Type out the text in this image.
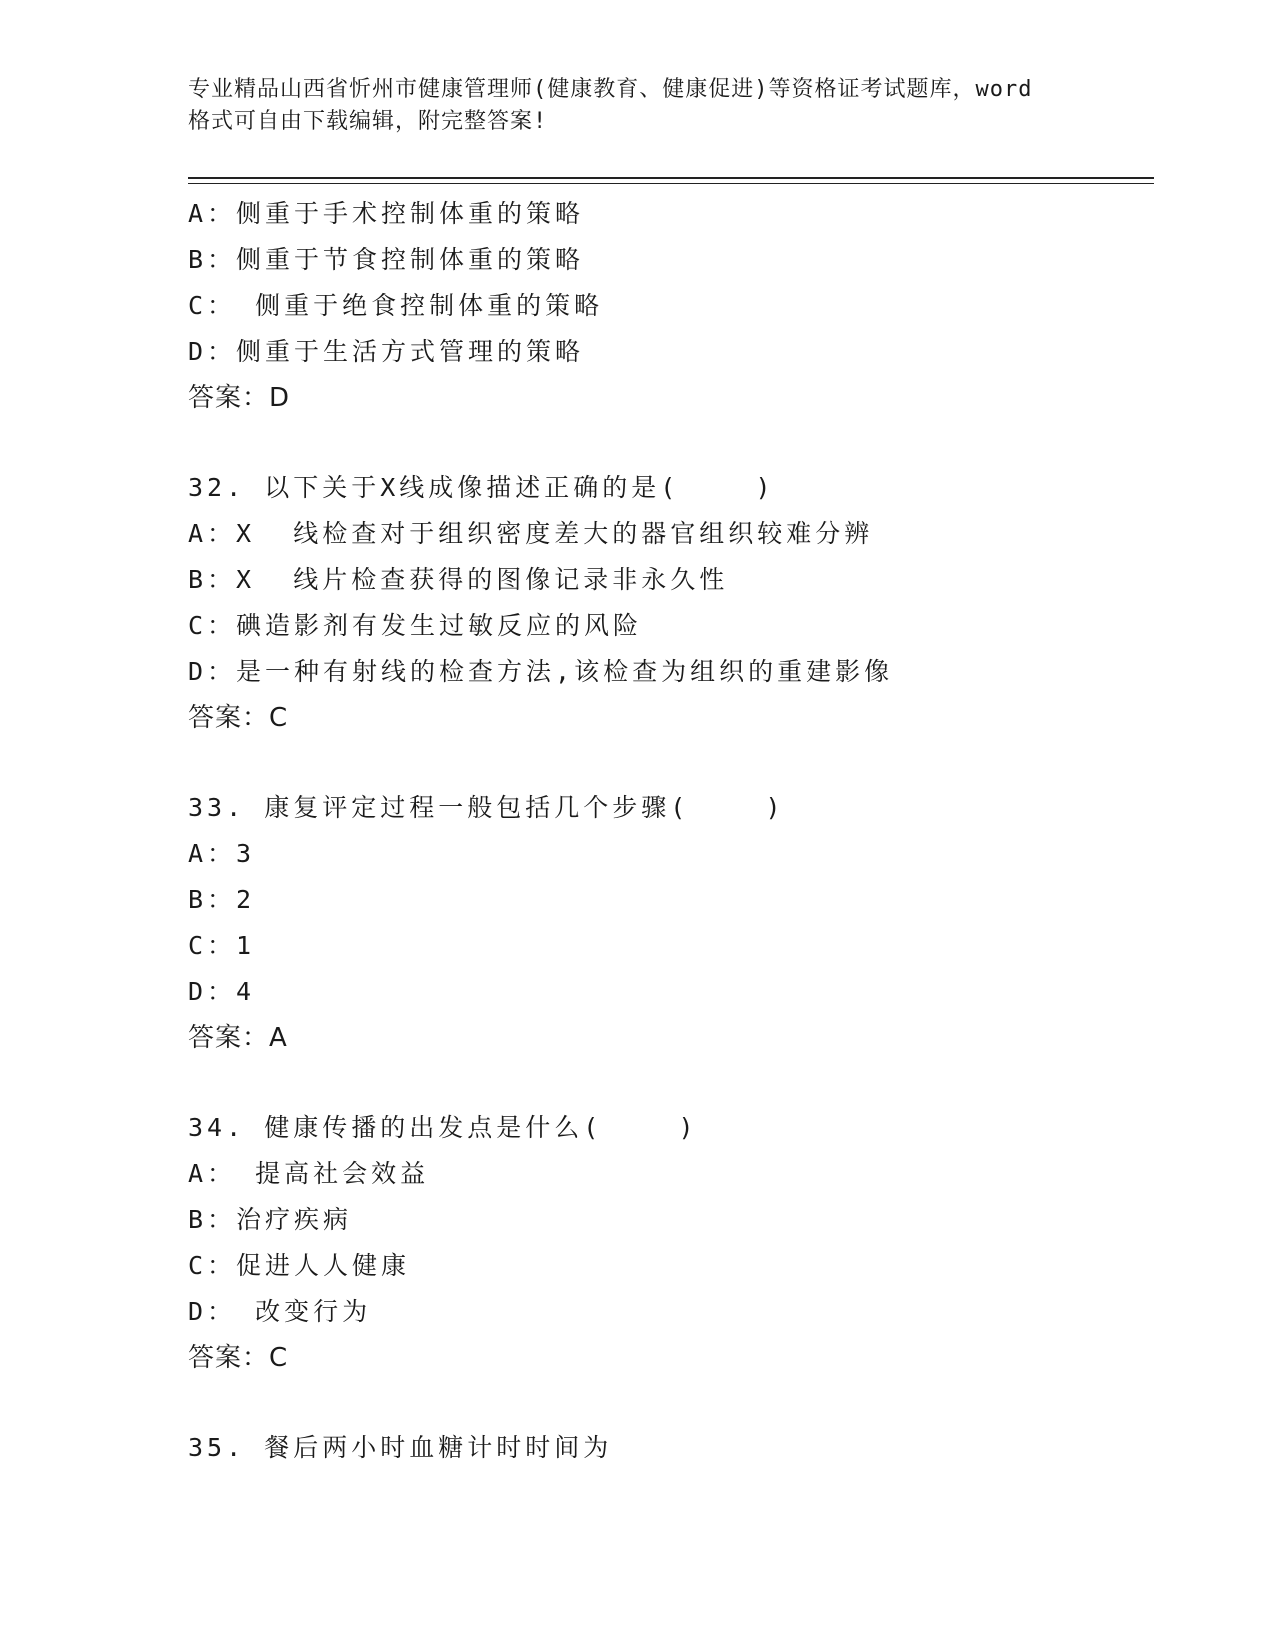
专业精品山西省忻州市健康管理师(健康教育、健康促进)等资格证考试题库，word
格式可自由下载编辑，附完整答案!
A：侧重于手术控制体重的策略
B：侧重于节食控制体重的策略
C： 侧重于绝食控制体重的策略
D：侧重于生活方式管理的策略
答案：D
32. 以下关于X线成像描述正确的是(    )
A：X  线检查对于组织密度差大的器官组织较难分辨
B：X  线片检查获得的图像记录非永久性
C：碘造影剂有发生过敏反应的风险
D：是一种有射线的检查方法,该检查为组织的重建影像
答案：C
33. 康复评定过程一般包括几个步骤(    )
A：3
B：2
C：1
D：4
答案：A
34. 健康传播的出发点是什么(    )
A： 提高社会效益
B：治疗疾病
C：促进人人健康
D： 改变行为
答案：C
35. 餐后两小时血糖计时时间为
